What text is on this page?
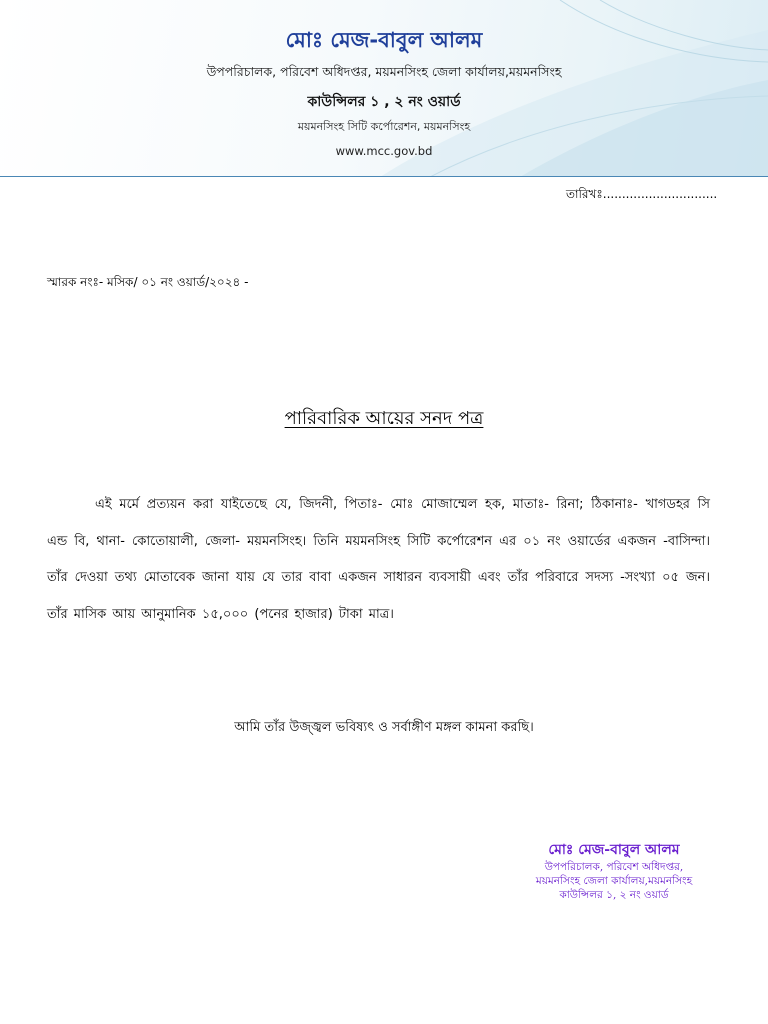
মোঃ মেজ-বাবুল আলম
উপপরিচালক, পরিবেশ অধিদপ্তর, ময়মনসিংহ জেলা কার্যালয়,ময়মনসিংহ
কাউন্সিলর ১ , ২ নং ওয়ার্ড
ময়মনসিংহ সিটি কর্পোরেশন, ময়মনসিংহ
www.mcc.gov.bd
তারিখঃ..............................
স্মারক নংঃ- মসিক/ ০১ নং ওয়ার্ড/২০২৪ -
পারিবারিক আয়ের সনদ পত্র
এই মর্মে প্রত্যয়ন করা যাইতেছে যে, জিদনী, পিতাঃ- মোঃ মোজাম্মেল হক, মাতাঃ- রিনা; ঠিকানাঃ- খাগডহর সি এন্ড বি, থানা- কোতোয়ালী, জেলা- ময়মনসিংহ। তিনি ময়মনসিংহ সিটি কর্পোরেশন এর ০১ নং ওয়ার্ডের একজন -বাসিন্দা। তাঁর দেওয়া তথ্য মোতাবেক জানা যায় যে তার বাবা একজন সাধারন ব্যবসায়ী এবং তাঁর পরিবারে সদস্য -সংখ্যা ০৫ জন। তাঁর মাসিক আয় আনুমানিক ১৫,০০০ (পনের হাজার) টাকা মাত্র।
আমি তাঁর উজ্জ্বল ভবিষ্যৎ ও সর্বাঙ্গীণ মঙ্গল কামনা করছি।
মোঃ মেজ-বাবুল আলম
উপপরিচালক, পরিবেশ অধিদপ্তর,
ময়মনসিংহ জেলা কার্যালয়,ময়মনসিংহ
কাউন্সিলর ১, ২ নং ওয়ার্ড
